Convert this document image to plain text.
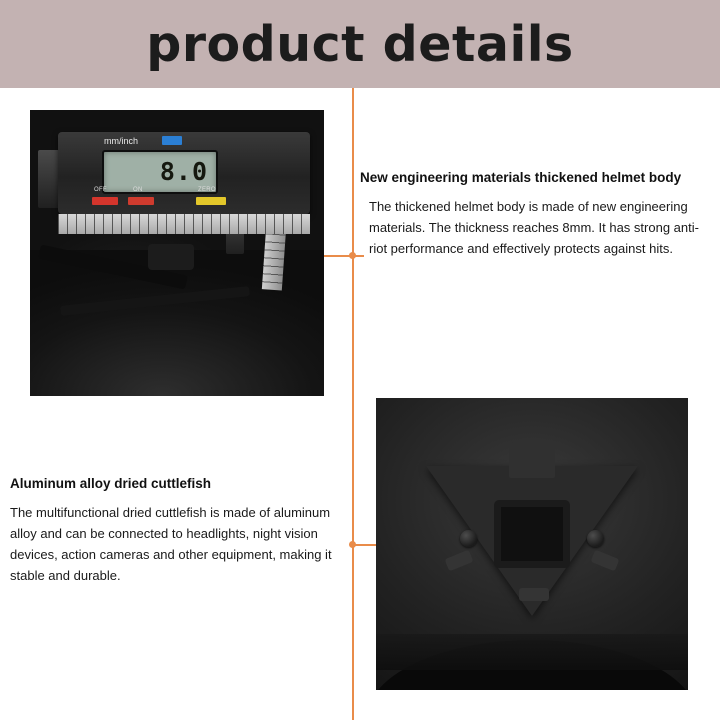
product details
mm/inch
8.0
OFF	ON	ZERO
New engineering materials thickened helmet body

The thickened helmet body is made of new engineering materials. The thickness reaches 8mm. It has strong anti-riot performance and effectively protects against hits.

Aluminum alloy dried cuttlefish

The multifunctional dried cuttlefish is made of aluminum alloy and can be connected to headlights, night vision devices, action cameras and other equipment, making it stable and durable.
